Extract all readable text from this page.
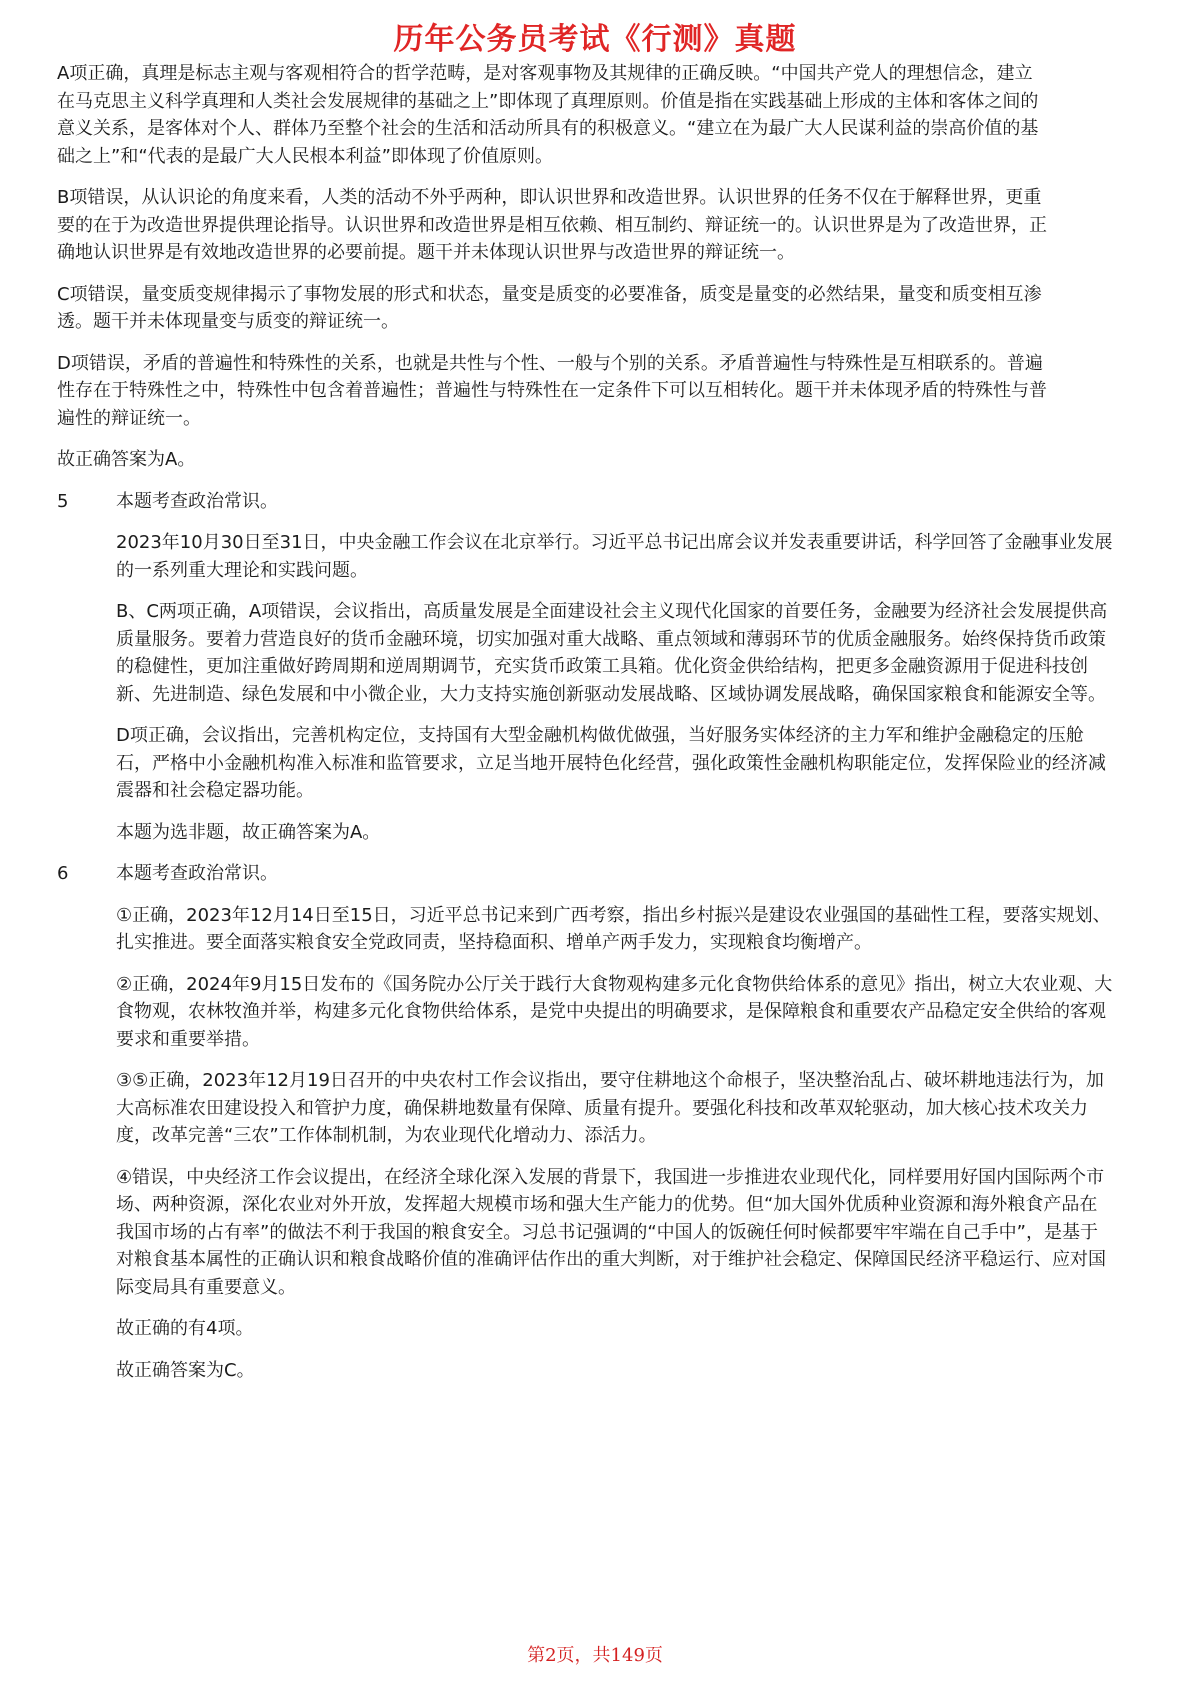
历年公务员考试《行测》真题

A项正确，真理是标志主观与客观相符合的哲学范畴，是对客观事物及其规律的正确反映。“中国共产党人的理想信念，建立在马克思主义科学真理和人类社会发展规律的基础之上”即体现了真理原则。价值是指在实践基础上形成的主体和客体之间的意义关系，是客体对个人、群体乃至整个社会的生活和活动所具有的积极意义。“建立在为最广大人民谋利益的崇高价值的基础之上”和“代表的是最广大人民根本利益”即体现了价值原则。

B项错误，从认识论的角度来看，人类的活动不外乎两种，即认识世界和改造世界。认识世界的任务不仅在于解释世界，更重要的在于为改造世界提供理论指导。认识世界和改造世界是相互依赖、相互制约、辩证统一的。认识世界是为了改造世界，正确地认识世界是有效地改造世界的必要前提。题干并未体现认识世界与改造世界的辩证统一。

C项错误，量变质变规律揭示了事物发展的形式和状态，量变是质变的必要准备，质变是量变的必然结果，量变和质变相互渗透。题干并未体现量变与质变的辩证统一。

D项错误，矛盾的普遍性和特殊性的关系，也就是共性与个性、一般与个别的关系。矛盾普遍性与特殊性是互相联系的。普遍性存在于特殊性之中，特殊性中包含着普遍性；普遍性与特殊性在一定条件下可以互相转化。题干并未体现矛盾的特殊性与普遍性的辩证统一。

故正确答案为A。

5	本题考查政治常识。

2023年10月30日至31日，中央金融工作会议在北京举行。习近平总书记出席会议并发表重要讲话，科学回答了金融事业发展的一系列重大理论和实践问题。

B、C两项正确，A项错误，会议指出，高质量发展是全面建设社会主义现代化国家的首要任务，金融要为经济社会发展提供高质量服务。要着力营造良好的货币金融环境，切实加强对重大战略、重点领域和薄弱环节的优质金融服务。始终保持货币政策的稳健性，更加注重做好跨周期和逆周期调节，充实货币政策工具箱。优化资金供给结构，把更多金融资源用于促进科技创新、先进制造、绿色发展和中小微企业，大力支持实施创新驱动发展战略、区域协调发展战略，确保国家粮食和能源安全等。

D项正确，会议指出，完善机构定位，支持国有大型金融机构做优做强，当好服务实体经济的主力军和维护金融稳定的压舱石，严格中小金融机构准入标准和监管要求，立足当地开展特色化经营，强化政策性金融机构职能定位，发挥保险业的经济减震器和社会稳定器功能。

本题为选非题，故正确答案为A。

6	本题考查政治常识。

①正确，2023年12月14日至15日，习近平总书记来到广西考察，指出乡村振兴是建设农业强国的基础性工程，要落实规划、扎实推进。要全面落实粮食安全党政同责，坚持稳面积、增单产两手发力，实现粮食均衡增产。

②正确，2024年9月15日发布的《国务院办公厅关于践行大食物观构建多元化食物供给体系的意见》指出，树立大农业观、大食物观，农林牧渔并举，构建多元化食物供给体系，是党中央提出的明确要求，是保障粮食和重要农产品稳定安全供给的客观要求和重要举措。

③⑤正确，2023年12月19日召开的中央农村工作会议指出，要守住耕地这个命根子，坚决整治乱占、破坏耕地违法行为，加大高标准农田建设投入和管护力度，确保耕地数量有保障、质量有提升。要强化科技和改革双轮驱动，加大核心技术攻关力度，改革完善“三农”工作体制机制，为农业现代化增动力、添活力。

④错误，中央经济工作会议提出，在经济全球化深入发展的背景下，我国进一步推进农业现代化，同样要用好国内国际两个市场、两种资源，深化农业对外开放，发挥超大规模市场和强大生产能力的优势。但“加大国外优质种业资源和海外粮食产品在我国市场的占有率”的做法不利于我国的粮食安全。习总书记强调的“中国人的饭碗任何时候都要牢牢端在自己手中”，是基于对粮食基本属性的正确认识和粮食战略价值的准确评估作出的重大判断，对于维护社会稳定、保障国民经济平稳运行、应对国际变局具有重要意义。

故正确的有4项。

故正确答案为C。

第2页，共149页
